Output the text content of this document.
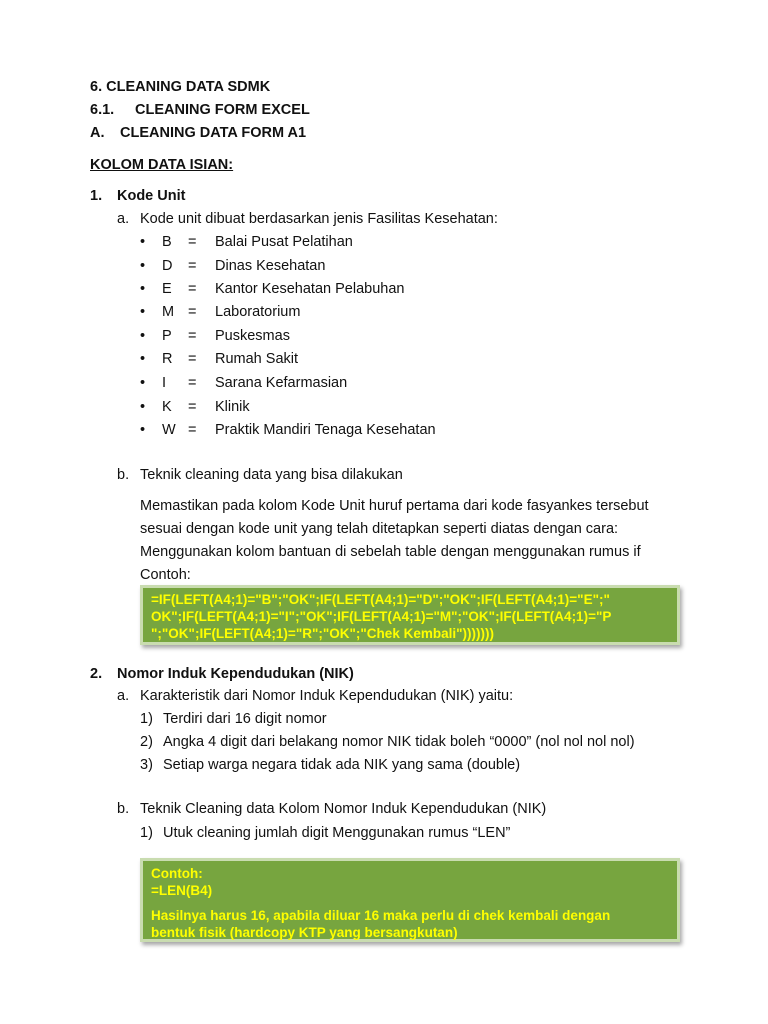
6. CLEANING DATA SDMK
6.1. CLEANING FORM EXCEL
A. CLEANING DATA FORM A1
KOLOM DATA ISIAN:
1. Kode Unit
a. Kode unit dibuat berdasarkan jenis Fasilitas Kesehatan:
• B = Balai Pusat Pelatihan
• D = Dinas Kesehatan
• E = Kantor Kesehatan Pelabuhan
• M = Laboratorium
• P = Puskesmas
• R = Rumah Sakit
• I = Sarana Kefarmasian
• K = Klinik
• W = Praktik Mandiri Tenaga Kesehatan
b. Teknik cleaning data yang bisa dilakukan
Memastikan pada kolom Kode Unit huruf pertama dari kode fasyankes tersebut
sesuai dengan kode unit yang telah ditetapkan seperti diatas dengan cara:
Menggunakan kolom bantuan di sebelah table dengan menggunakan rumus if
Contoh:
=IF(LEFT(A4;1)="B";"OK";IF(LEFT(A4;1)="D";"OK";IF(LEFT(A4;1)="E";"
OK";IF(LEFT(A4;1)="I";"OK";IF(LEFT(A4;1)="M";"OK";IF(LEFT(A4;1)="P
";"OK";IF(LEFT(A4;1)="R";"OK";"Chek Kembali")))))))
2. Nomor Induk Kependudukan (NIK)
a. Karakteristik dari Nomor Induk Kependudukan (NIK) yaitu:
1) Terdiri dari 16 digit nomor
2) Angka 4 digit dari belakang nomor NIK tidak boleh “0000” (nol nol nol nol)
3) Setiap warga negara tidak ada NIK yang sama (double)
b. Teknik Cleaning data Kolom Nomor Induk Kependudukan (NIK)
1) Utuk cleaning jumlah digit Menggunakan rumus “LEN”
Contoh:
=LEN(B4)
Hasilnya harus 16, apabila diluar 16 maka perlu di chek kembali dengan
bentuk fisik (hardcopy KTP yang bersangkutan)
